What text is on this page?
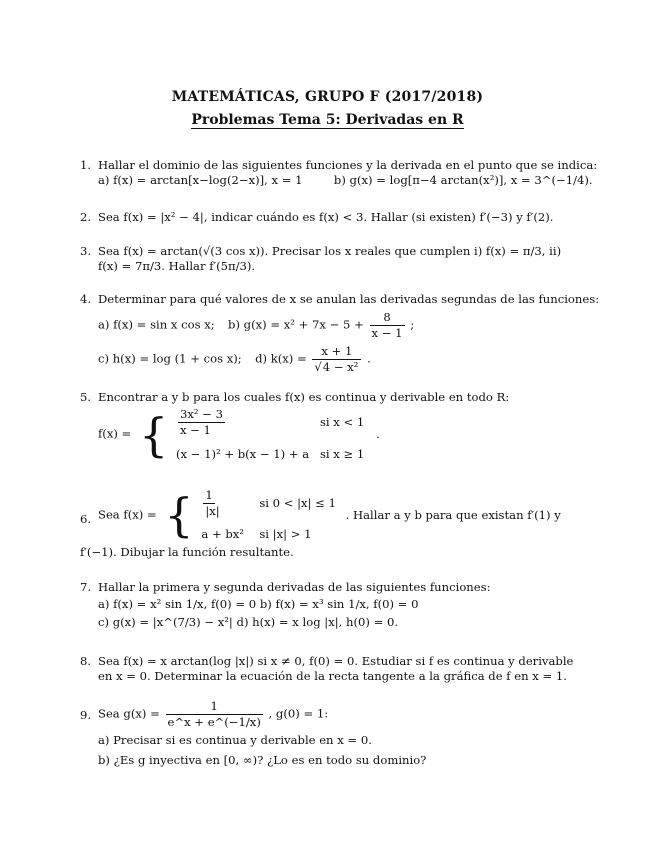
MATEMÁTICAS, GRUPO F (2017/2018)
Problemas Tema 5: Derivadas en R
1. Hallar el dominio de las siguientes funciones y la derivada en el punto que se indica:
a) f(x) = arctan[x−log(2−x)], x = 1	b) g(x) = log[π−4 arctan(x²)], x = 3^(−1/4).
2. Sea f(x) = |x² − 4|, indicar cuándo es f(x) < 3. Hallar (si existen) f′(−3) y f′(2).
3. Sea f(x) = arctan(√(3 cos x)). Precisar los x reales que cumplen i) f(x) = π/3, ii)
f(x) = 7π/3. Hallar f′(5π/3).
4. Determinar para qué valores de x se anulan las derivadas segundas de las funciones:
a) f(x) = sin x cos x; b) $g(x) = x^2 + 7x - 5 + \frac{8}{x - 1}$ ;
c) h(x) = log (1 + cos x); d) $k(x) = \frac{x + 1}{\text{√4 − x²}}$ .
5. Encontrar a y b para los cuales f(x) es continua y derivable en todo R:
f(x) = { $\frac{\text{3x² − 3}}{x - 1}$ si x < 1
(x − 1)² + b(x − 1) + a si x ≥ 1
.
6. Sea f(x) = { $\frac{1}{|x|}$ si 0 < |x| ≤ 1
a + bx²	si |x| > 1
. Hallar a y b para que existan f′(1) y
f′(−1). Dibujar la función resultante.
7. Hallar la primera y segunda derivadas de las siguientes funciones:
a) f(x) = x² sin 1/x, f(0) = 0 b) f(x) = x³ sin 1/x, f(0) = 0
c) g(x) = |x^(7/3) − x²| d) h(x) = x log |x|, h(0) = 0.
8. Sea f(x) = x arctan(log |x|) si x ≠ 0, f(0) = 0. Estudiar si f es continua y derivable
en x = 0. Determinar la ecuación de la recta tangente a la gráfica de f en x = 1.
9. Sea $g(x) = \frac{1}{e\^{}x + e\^{}(-1/x)}$ , g(0) = 1:
a) Precisar si es continua y derivable en x = 0.
b) ¿Es g inyectiva en [0, ∞)? ¿Lo es en todo su dominio?
